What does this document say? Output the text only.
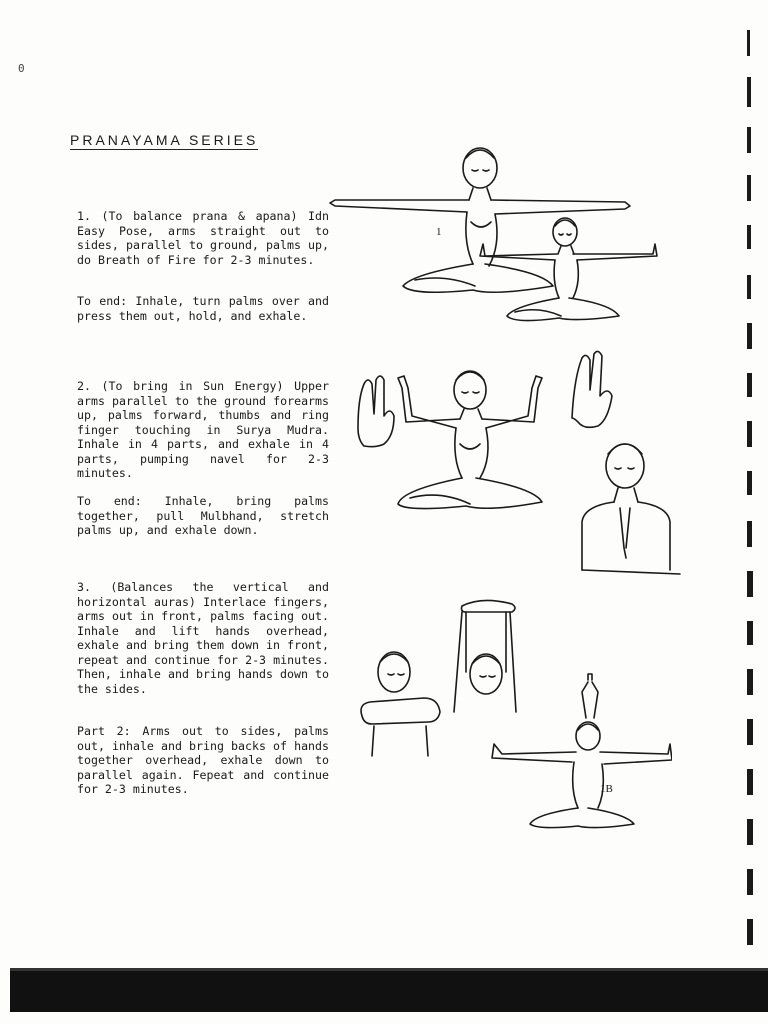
0
PRANAYAMA SERIES

1. (To balance prana & apana) Idn Easy Pose, arms straight out to sides, parallel to ground, palms up, do Breath of Fire for 2-3 minutes.

To end: Inhale, turn palms over and press them out, hold, and exhale.

2. (To bring in Sun Energy) Upper arms parallel to the ground forearms up, palms forward, thumbs and ring finger touching in Surya Mudra. Inhale in 4 parts, and exhale in 4 parts, pumping navel for 2-3 minutes.

To end: Inhale, bring palms together, pull Mulbhand, stretch palms up, and exhale down.

3. (Balances the vertical and horizontal auras) Interlace fingers, arms out in front, palms facing out. Inhale and lift hands overhead, exhale and bring them down in front, repeat and continue for 2-3 minutes. Then, inhale and bring hands down to the sides.

Part 2: Arms out to sides, palms out, inhale and bring backs of hands together overhead, exhale down to parallel again. Fepeat and continue for 2-3 minutes.

1
1B
